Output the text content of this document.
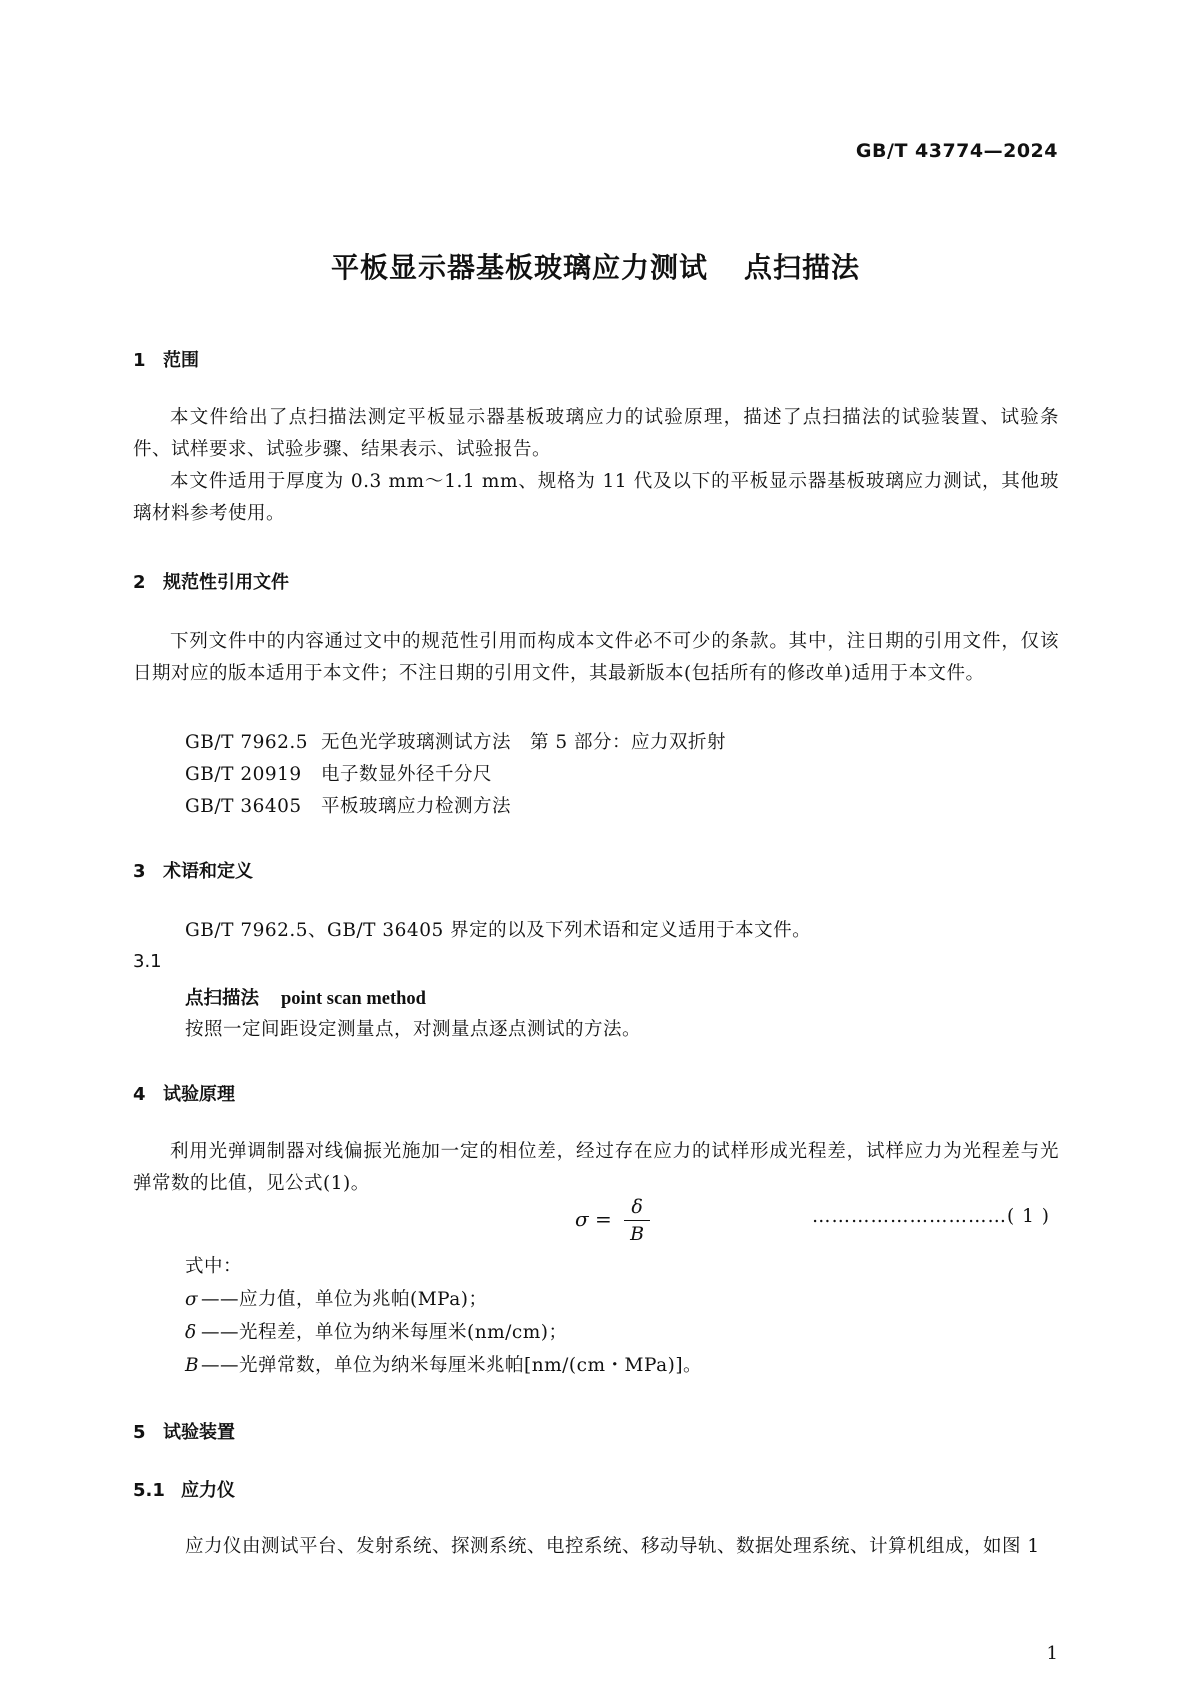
GB/T 43774—2024
平板显示器基板玻璃应力测试 点扫描法
1 范围
本文件给出了点扫描法测定平板显示器基板玻璃应力的试验原理，描述了点扫描法的试验装置、试验条件、试样要求、试验步骤、结果表示、试验报告。
本文件适用于厚度为 0.3 mm～1.1 mm、规格为 11 代及以下的平板显示器基板玻璃应力测试，其他玻璃材料参考使用。
2 规范性引用文件
下列文件中的内容通过文中的规范性引用而构成本文件必不可少的条款。其中，注日期的引用文件，仅该日期对应的版本适用于本文件；不注日期的引用文件，其最新版本(包括所有的修改单)适用于本文件。
GB/T 7962.5 无色光学玻璃测试方法　第 5 部分：应力双折射
GB/T 20919 电子数显外径千分尺
GB/T 36405 平板玻璃应力检测方法
3 术语和定义
GB/T 7962.5、GB/T 36405 界定的以及下列术语和定义适用于本文件。
3.1
点扫描法 point scan method
按照一定间距设定测量点，对测量点逐点测试的方法。
4 试验原理
利用光弹调制器对线偏振光施加一定的相位差，经过存在应力的试样形成光程差，试样应力为光程差与光弹常数的比值，见公式(1)。
$\sigma = \frac{\delta}{B}$	…………………………( 1 )
式中：
σ ——应力值，单位为兆帕(MPa)；
δ ——光程差，单位为纳米每厘米(nm/cm)；
B ——光弹常数，单位为纳米每厘米兆帕[nm/(cm・MPa)]。
5 试验装置
5.1 应力仪
应力仪由测试平台、发射系统、探测系统、电控系统、移动导轨、数据处理系统、计算机组成，如图 1
1
